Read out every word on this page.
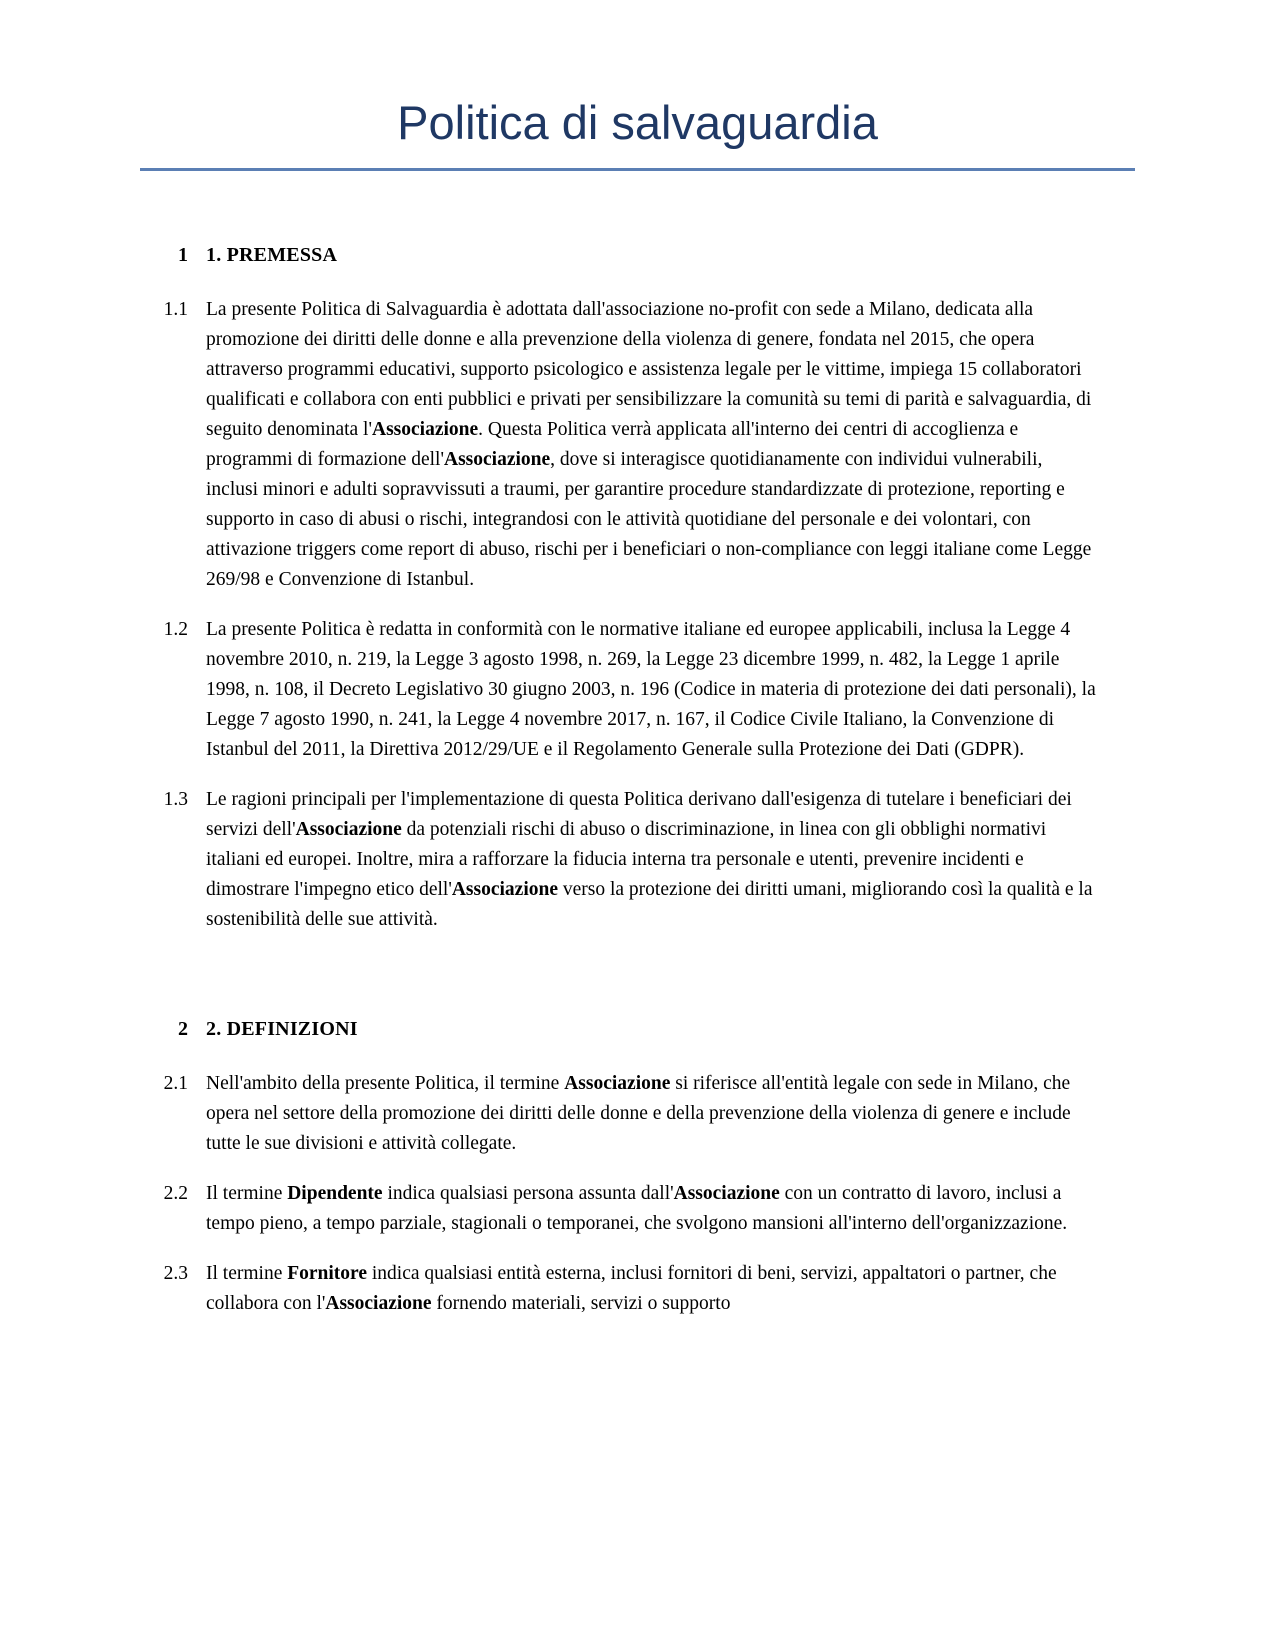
Politica di salvaguardia
1 1. PREMESSA
1.1 La presente Politica di Salvaguardia è adottata dall'associazione no-profit con sede a Milano, dedicata alla promozione dei diritti delle donne e alla prevenzione della violenza di genere, fondata nel 2015, che opera attraverso programmi educativi, supporto psicologico e assistenza legale per le vittime, impiega 15 collaboratori qualificati e collabora con enti pubblici e privati per sensibilizzare la comunità su temi di parità e salvaguardia, di seguito denominata l'Associazione. Questa Politica verrà applicata all'interno dei centri di accoglienza e programmi di formazione dell'Associazione, dove si interagisce quotidianamente con individui vulnerabili, inclusi minori e adulti sopravvissuti a traumi, per garantire procedure standardizzate di protezione, reporting e supporto in caso di abusi o rischi, integrandosi con le attività quotidiane del personale e dei volontari, con attivazione triggers come report di abuso, rischi per i beneficiari o non-compliance con leggi italiane come Legge 269/98 e Convenzione di Istanbul.
1.2 La presente Politica è redatta in conformità con le normative italiane ed europee applicabili, inclusa la Legge 4 novembre 2010, n. 219, la Legge 3 agosto 1998, n. 269, la Legge 23 dicembre 1999, n. 482, la Legge 1 aprile 1998, n. 108, il Decreto Legislativo 30 giugno 2003, n. 196 (Codice in materia di protezione dei dati personali), la Legge 7 agosto 1990, n. 241, la Legge 4 novembre 2017, n. 167, il Codice Civile Italiano, la Convenzione di Istanbul del 2011, la Direttiva 2012/29/UE e il Regolamento Generale sulla Protezione dei Dati (GDPR).
1.3 Le ragioni principali per l'implementazione di questa Politica derivano dall'esigenza di tutelare i beneficiari dei servizi dell'Associazione da potenziali rischi di abuso o discriminazione, in linea con gli obblighi normativi italiani ed europei. Inoltre, mira a rafforzare la fiducia interna tra personale e utenti, prevenire incidenti e dimostrare l'impegno etico dell'Associazione verso la protezione dei diritti umani, migliorando così la qualità e la sostenibilità delle sue attività.
2 2. DEFINIZIONI
2.1 Nell'ambito della presente Politica, il termine Associazione si riferisce all'entità legale con sede in Milano, che opera nel settore della promozione dei diritti delle donne e della prevenzione della violenza di genere e include tutte le sue divisioni e attività collegate.
2.2 Il termine Dipendente indica qualsiasi persona assunta dall'Associazione con un contratto di lavoro, inclusi a tempo pieno, a tempo parziale, stagionali o temporanei, che svolgono mansioni all'interno dell'organizzazione.
2.3 Il termine Fornitore indica qualsiasi entità esterna, inclusi fornitori di beni, servizi, appaltatori o partner, che collabora con l'Associazione fornendo materiali, servizi o supporto
